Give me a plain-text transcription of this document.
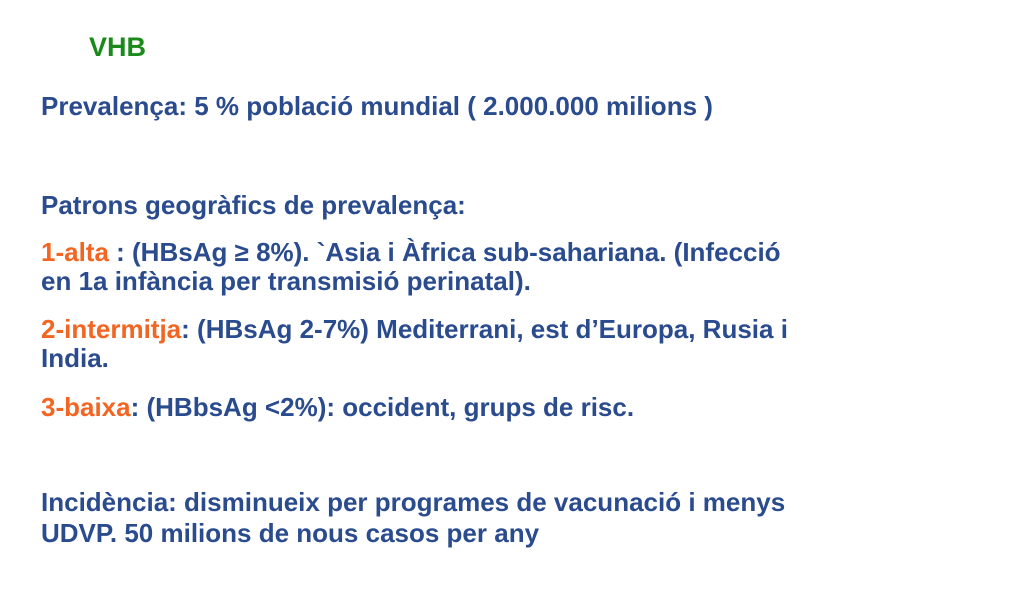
VHB
Prevalença: 5 % població mundial ( 2.000.000 milions )
Patrons geogràfics de prevalença:
1-alta : (HBsAg ≥ 8%). `Asia i Àfrica sub-sahariana. (Infecció
en 1a infància per transmisió perinatal).
2-intermitja: (HBsAg 2-7%) Mediterrani, est d’Europa, Rusia i
India.
3-baixa: (HBbsAg <2%): occident, grups de risc.
Incidència: disminueix per programes de vacunació i menys
UDVP. 50 milions de nous casos per any
